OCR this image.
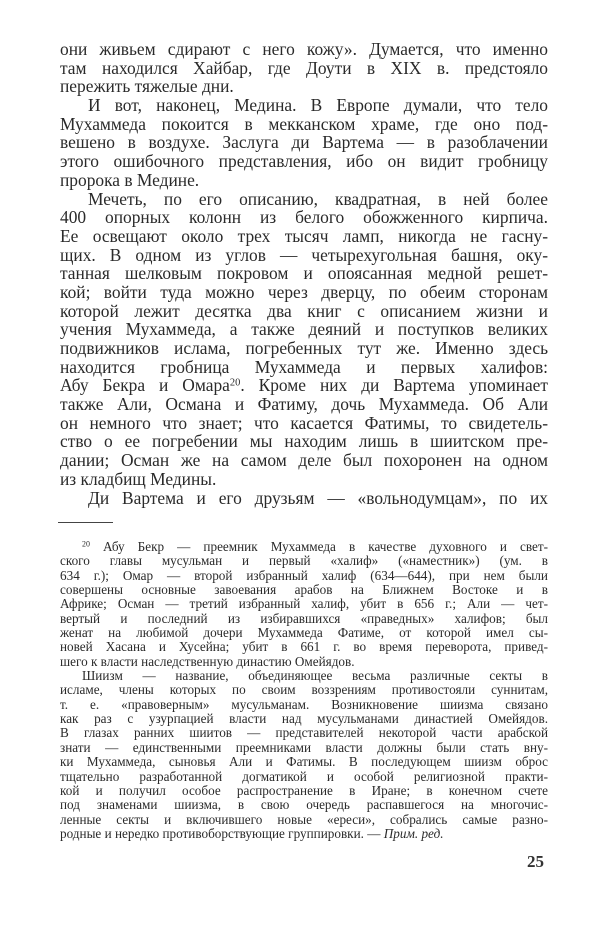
они живьем сдирают с него кожу». Думается, что именно
там находился Хайбар, где Доути в XIX в. предстояло
пережить тяжелые дни.
И вот, наконец, Медина. В Европе думали, что тело
Мухаммеда покоится в мекканском храме, где оно под-
вешено в воздухе. Заслуга ди Вартема — в разоблачении
этого ошибочного представления, ибо он видит гробницу
пророка в Медине.
Мечеть, по его описанию, квадратная, в ней более
400 опорных колонн из белого обожженного кирпича.
Ее освещают около трех тысяч ламп, никогда не гасну-
щих. В одном из углов — четырехугольная башня, оку-
танная шелковым покровом и опоясанная медной решет-
кой; войти туда можно через дверцу, по обеим сторонам
которой лежит десятка два книг с описанием жизни и
учения Мухаммеда, а также деяний и поступков великих
подвижников ислама, погребенных тут же. Именно здесь
находится гробница Мухаммеда и первых халифов:
Абу Бекра и Омара$^{20}$. Кроме них ди Вартема упоминает
также Али, Османа и Фатиму, дочь Мухаммеда. Об Али
он немного что знает; что касается Фатимы, то свидетель-
ство о ее погребении мы находим лишь в шиитском пре-
дании; Осман же на самом деле был похоронен на одном
из кладбищ Медины.
Ди Вартема и его друзьям — «вольнодумцам», по их
$^{20}$ Абу Бекр — преемник Мухаммеда в качестве духовного и свет-
ского главы мусульман и первый «халиф» («наместник») (ум. в
634 г.); Омар — второй избранный халиф (634—644), при нем были
совершены основные завоевания арабов на Ближнем Востоке и в
Африке; Осман — третий избранный халиф, убит в 656 г.; Али — чет-
вертый и последний из избиравшихся «праведных» халифов; был
женат на любимой дочери Мухаммеда Фатиме, от которой имел сы-
новей Хасана и Хусейна; убит в 661 г. во время переворота, привед-
шего к власти наследственную династию Омейядов.
Шиизм — название, объединяющее весьма различные секты в
исламе, члены которых по своим воззрениям противостояли суннитам,
т. е. «правоверным» мусульманам. Возникновение шиизма связано
как раз с узурпацией власти над мусульманами династией Омейядов.
В глазах ранних шиитов — представителей некоторой части арабской
знати — единственными преемниками власти должны были стать вну-
ки Мухаммеда, сыновья Али и Фатимы. В последующем шиизм оброс
тщательно разработанной догматикой и особой религиозной практи-
кой и получил особое распространение в Иране; в конечном счете
под знаменами шиизма, в свою очередь распавшегося на многочис-
ленные секты и включившего новые «ереси», собрались самые разно-
родные и нередко противоборствующие группировки. — Прим. ред.
25
